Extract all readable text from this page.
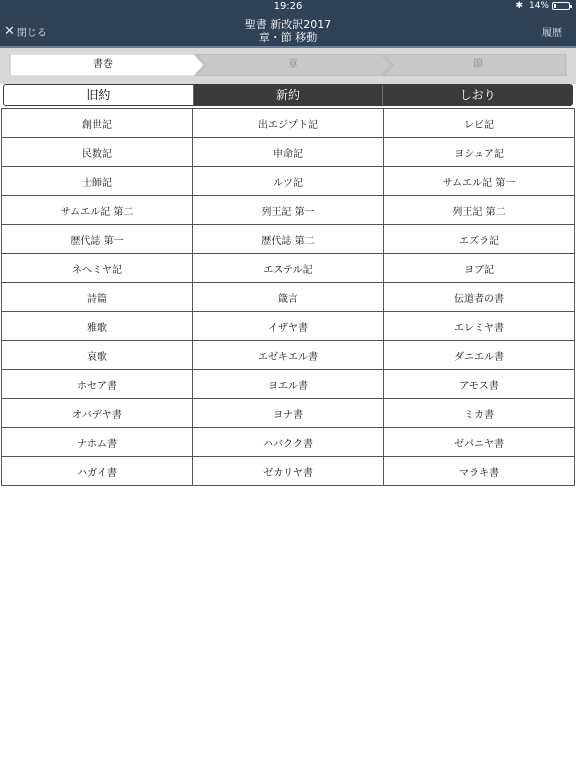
19:26	✱ 14%
✕ 閉じる
聖書 新改訳2017
章・節 移動	履歴
書巻	章	節
旧約	新約	しおり
創世記	出エジプト記	レビ記
民数記	申命記	ヨシュア記
士師記	ルツ記	サムエル記 第一
サムエル記 第二	列王記 第一	列王記 第二
歴代誌 第一	歴代誌 第二	エズラ記
ネヘミヤ記	エステル記	ヨブ記
詩篇	箴言	伝道者の書
雅歌	イザヤ書	エレミヤ書
哀歌	エゼキエル書	ダニエル書
ホセア書	ヨエル書	アモス書
オバデヤ書	ヨナ書	ミカ書
ナホム書	ハバクク書	ゼパニヤ書
ハガイ書	ゼカリヤ書	マラキ書
